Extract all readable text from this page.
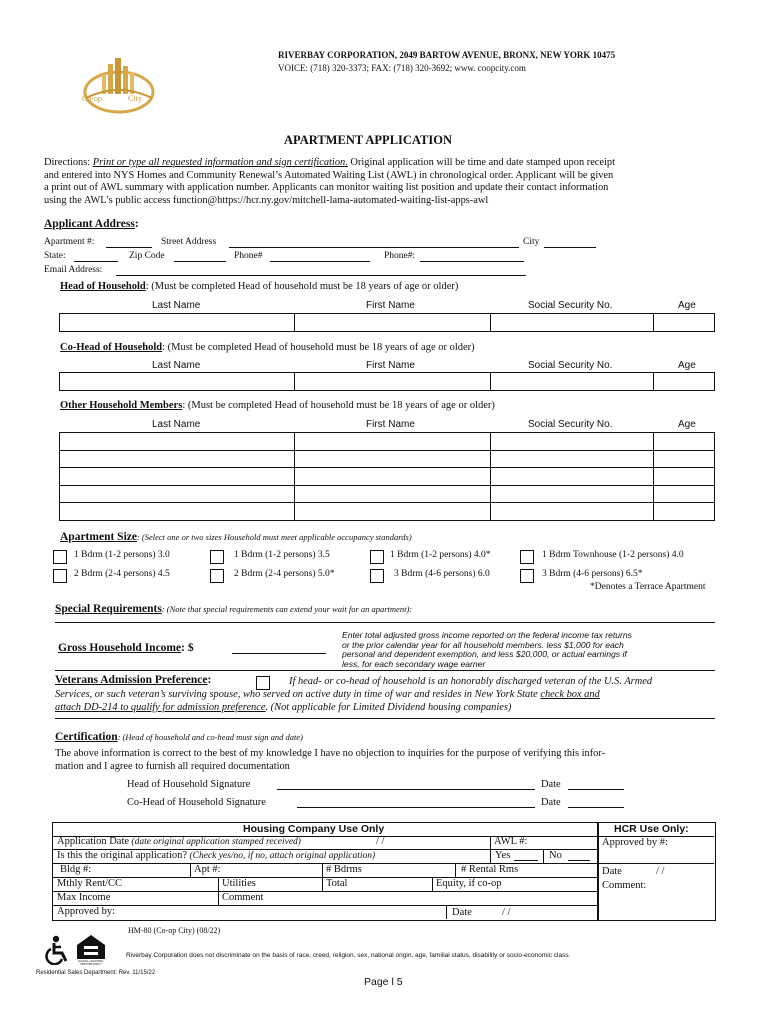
Co-op	City
RIVERBAY CORPORATION, 2049 BARTOW AVENUE, BRONX, NEW YORK 10475
VOICE: (718) 320-3373; FAX: (718) 320-3692; www. coopcity.com
APARTMENT APPLICATION
Directions: Print or type all requested information and sign certification. Original application will be time and date stamped upon receipt
and entered into NYS Homes and Community Renewal’s Automated Waiting List (AWL) in chronological order. Applicant will be given
a print out of AWL summary with application number. Applicants can monitor waiting list position and update their contact information
using the AWL’s public access function@https://hcr.ny.gov/mitchell-lama-automated-waiting-list-apps-awl
Applicant Address:
Apartment #:	Street Address	City
State:	Zip Code	Phone#	Phone#:
Email Address:
Head of Household: (Must be completed Head of household must be 18 years of age or older)
Last Name	First Name	Social Security No.	Age

Co-Head of Household: (Must be completed Head of household must be 18 years of age or older)
Last Name	First Name	Social Security No.	Age

Other Household Members: (Must be completed Head of household must be 18 years of age or older)
Last Name	First Name	Social Security No.	Age

Apartment Size: (Select one or two sizes Household must meet applicable occupancy standards)
1 Bdrm (1-2 persons) 3.0	1 Bdrm (1-2 persons) 3.5	1 Bdrm (1-2 persons) 4.0*	1 Bdrm Townhouse (1-2 persons) 4.0
2 Bdrm (2-4 persons) 4.5	2 Bdrm (2-4 persons) 5.0*	3 Bdrm (4-6 persons) 6.0	3 Bdrm (4-6 persons) 6.5*
*Denotes a Terrace Apartment
Special Requirements: (Note that special requirements can extend your wait for an apartment):
Gross Household Income: $
Enter total adjusted gross income reported on the federal income tax returns
or the prior calendar year for all household members. less $1,000 for each
personal and dependent exemption, and less $20,000, or actual earnings if
less, for each secondary wage earner
Veterans Admission Preference:	If head- or co-head of household is an honorably discharged veteran of the U.S. Armed
Services, or such veteran’s surviving spouse, who served on active duty in time of war and resides in New York State check box and
attach DD-214 to qualify for admission preference. (Not applicable for Limited Dividend housing companies)
Certification: (Head of household and co-head must sign and date)
The above information is correct to the best of my knowledge I have no objection to inquiries for the purpose of verifying this infor-
mation and I agree to furnish all required documentation
Head of Household Signature	Date
Co-Head of Household Signature	Date
Housing Company Use Only
Application Date (date original application stamped received)	/ /	AWL #:
Is this the original application? (Check yes/no, if no, attach original application)	Yes	No
Bldg #:	Apt #:	# Bdrms	# Rental Rms
Mthly Rent/CC	Utilities	Total	Equity, if co-op
Max Income	Comment
Approved by:	Date	/ /
HCR Use Only:
Approved by #:
Date	/ /
Comment:
HM-80 (Co-op City) (08/22)
EQUAL HOUSING OPPORTUNITY
Riverbay Corporation does not discriminate on the basis of race, creed, religion, sex, national origin, age, familial status, disability or socio-economic class.
Residential Sales Department: Rev. 11/15/22
Page l 5
